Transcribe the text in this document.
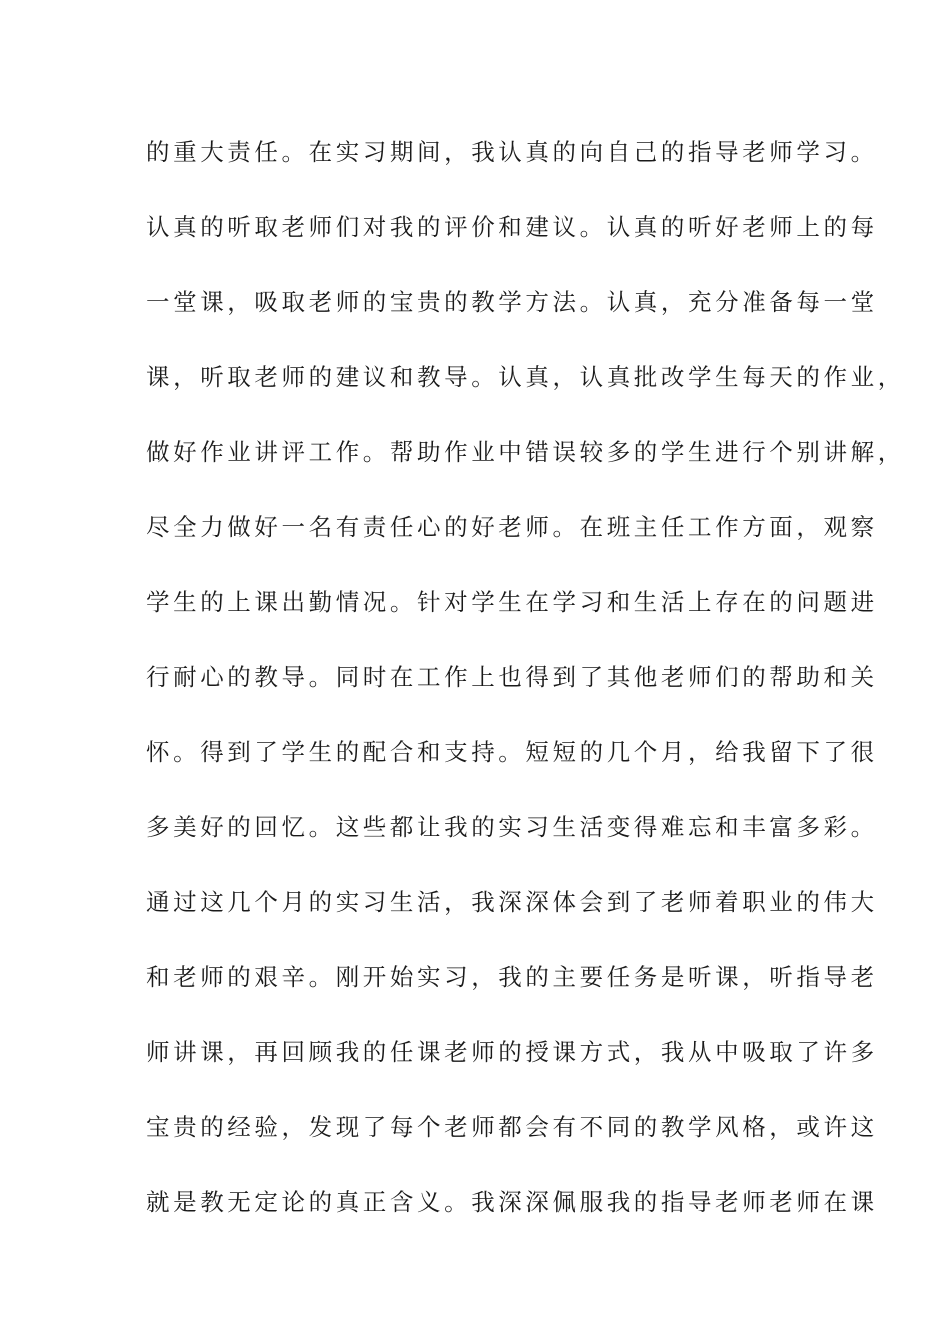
的重大责任。在实习期间，我认真的向自己的指导老师学习。
认真的听取老师们对我的评价和建议。认真的听好老师上的每
一堂课，吸取老师的宝贵的教学方法。认真，充分准备每一堂
课，听取老师的建议和教导。认真，认真批改学生每天的作业，
做好作业讲评工作。帮助作业中错误较多的学生进行个别讲解，
尽全力做好一名有责任心的好老师。在班主任工作方面，观察
学生的上课出勤情况。针对学生在学习和生活上存在的问题进
行耐心的教导。同时在工作上也得到了其他老师们的帮助和关
怀。得到了学生的配合和支持。短短的几个月，给我留下了很
多美好的回忆。这些都让我的实习生活变得难忘和丰富多彩。
通过这几个月的实习生活，我深深体会到了老师着职业的伟大
和老师的艰辛。刚开始实习，我的主要任务是听课，听指导老
师讲课，再回顾我的任课老师的授课方式，我从中吸取了许多
宝贵的经验，发现了每个老师都会有不同的教学风格，或许这
就是教无定论的真正含义。我深深佩服我的指导老师老师在课
